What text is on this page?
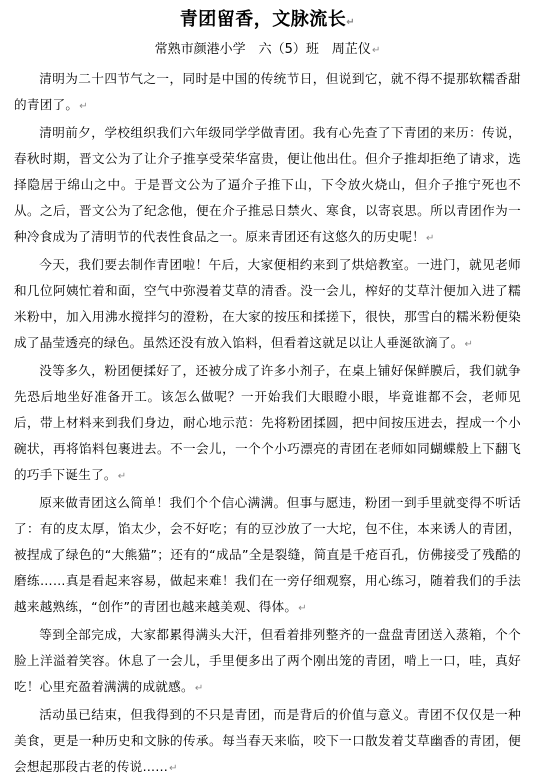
青团留香，文脉流长↵
常熟市颜港小学　六（5）班　周芷仪↵

清明为二十四节气之一，同时是中国的传统节日，但说到它，就不得不提那软糯香甜的青团了。↵

清明前夕，学校组织我们六年级同学学做青团。我有心先查了下青团的来历：传说，春秋时期，晋文公为了让介子推享受荣华富贵，便让他出仕。但介子推却拒绝了请求，选择隐居于绵山之中。于是晋文公为了逼介子推下山，下令放火烧山，但介子推宁死也不从。之后，晋文公为了纪念他，便在介子推忌日禁火、寒食，以寄哀思。所以青团作为一种冷食成为了清明节的代表性食品之一。原来青团还有这悠久的历史呢！↵

今天，我们要去制作青团啦！午后，大家便相约来到了烘焙教室。一进门，就见老师和几位阿姨忙着和面，空气中弥漫着艾草的清香。没一会儿，榨好的艾草汁便加入进了糯米粉中，加入用沸水搅拌匀的澄粉，在大家的按压和揉搓下，很快，那雪白的糯米粉便染成了晶莹透亮的绿色。虽然还没有放入馅料，但看着这就足以让人垂涎欲滴了。↵

没等多久，粉团便揉好了，还被分成了许多小剂子，在桌上铺好保鲜膜后，我们就争先恐后地坐好准备开工。该怎么做呢？一开始我们大眼瞪小眼，毕竟谁都不会，老师见后，带上材料来到我们身边，耐心地示范：先将粉团揉圆，把中间按压进去，捏成一个小碗状，再将馅料包裹进去。不一会儿，一个个小巧漂亮的青团在老师如同蝴蝶般上下翻飞的巧手下诞生了。↵

原来做青团这么简单！我们个个信心满满。但事与愿违，粉团一到手里就变得不听话了：有的皮太厚，馅太少，会不好吃；有的豆沙放了一大坨，包不住，本来诱人的青团，被捏成了绿色的“大熊猫”；还有的“成品”全是裂缝，简直是千疮百孔，仿佛接受了残酷的磨练……真是看起来容易，做起来难！我们在一旁仔细观察，用心练习，随着我们的手法越来越熟练，“创作”的青团也越来越美观、得体。↵

等到全部完成，大家都累得满头大汗，但看着排列整齐的一盘盘青团送入蒸箱，个个脸上洋溢着笑容。休息了一会儿，手里便多出了两个刚出笼的青团，啃上一口，哇，真好吃！心里充盈着满满的成就感。↵

活动虽已结束，但我得到的不只是青团，而是背后的价值与意义。青团不仅仅是一种美食，更是一种历史和文脉的传承。每当春天来临，咬下一口散发着艾草幽香的青团，便会想起那段古老的传说……↵
